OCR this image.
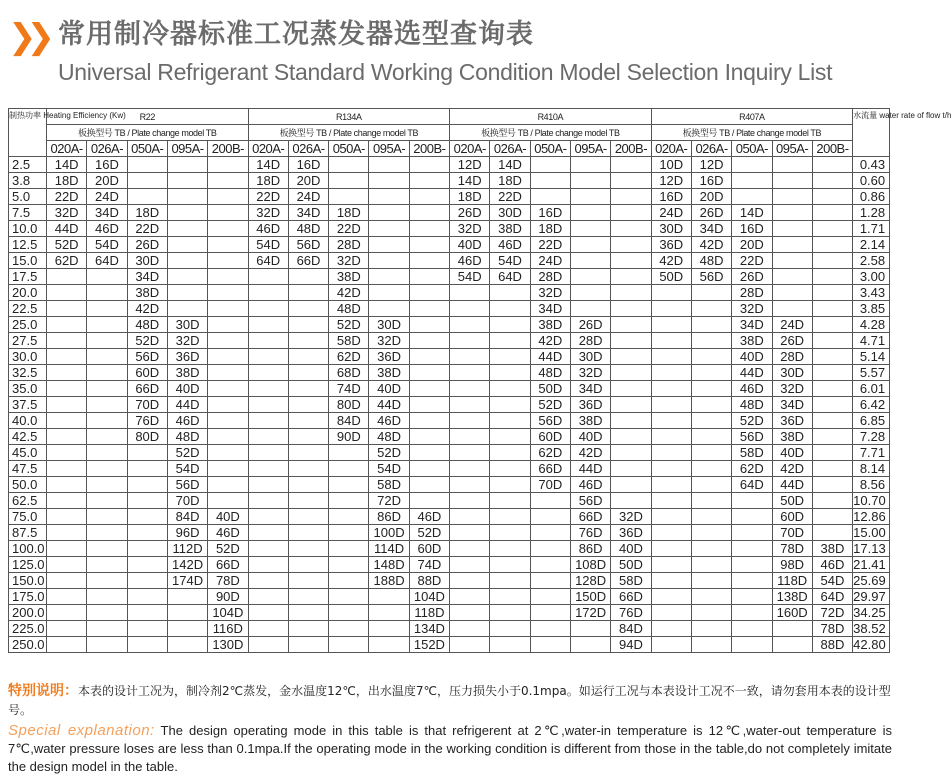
❯❯ 常用制冷器标准工况蒸发器选型查询表
Universal Refrigerant Standard Working Condition Model Selection Inquiry List
制热功率 Heating Efficiency (Kw)	R22					R134A					R410A					R407A					水流量 water rate of flow t/h
	板换型号 TB / Plate change model TB					板换型号 TB / Plate change model TB					板换型号 TB / Plate change model TB					板换型号 TB / Plate change model TB					
	020A-	026A-	050A-	095A-	200B-	020A-	026A-	050A-	095A-	200B-	020A-	026A-	050A-	095A-	200B-	020A-	026A-	050A-	095A-	200B-	
2.5	14D	16D				14D	16D				12D	14D				10D	12D				0.43
3.8	18D	20D				18D	20D				14D	18D				12D	16D				0.60
5.0	22D	24D				22D	24D				18D	22D				16D	20D				0.86
7.5	32D	34D	18D			32D	34D	18D			26D	30D	16D			24D	26D	14D			1.28
10.0	44D	46D	22D			46D	48D	22D			32D	38D	18D			30D	34D	16D			1.71
12.5	52D	54D	26D			54D	56D	28D			40D	46D	22D			36D	42D	20D			2.14
15.0	62D	64D	30D			64D	66D	32D			46D	54D	24D			42D	48D	22D			2.58
17.5			34D					38D			54D	64D	28D			50D	56D	26D			3.00
20.0			38D					42D					32D					28D			3.43
22.5			42D					48D					34D					32D			3.85
25.0			48D	30D				52D	30D				38D	26D				34D	24D		4.28
27.5			52D	32D				58D	32D				42D	28D				38D	26D		4.71
30.0			56D	36D				62D	36D				44D	30D				40D	28D		5.14
32.5			60D	38D				68D	38D				48D	32D				44D	30D		5.57
35.0			66D	40D				74D	40D				50D	34D				46D	32D		6.01
37.5			70D	44D				80D	44D				52D	36D				48D	34D		6.42
40.0			76D	46D				84D	46D				56D	38D				52D	36D		6.85
42.5			80D	48D				90D	48D				60D	40D				56D	38D		7.28
45.0				52D					52D				62D	42D				58D	40D		7.71
47.5				54D					54D				66D	44D				62D	42D		8.14
50.0				56D					58D				70D	46D				64D	44D		8.56
62.5				70D					72D					56D					50D		10.70
75.0				84D	40D				86D	46D				66D	32D				60D		12.86
87.5				96D	46D				100D	52D				76D	36D				70D		15.00
100.0				112D	52D				114D	60D				86D	40D				78D	38D	17.13
125.0				142D	66D				148D	74D				108D	50D				98D	46D	21.41
150.0				174D	78D				188D	88D				128D	58D				118D	54D	25.69
175.0					90D					104D				150D	66D				138D	64D	29.97
200.0					104D					118D				172D	76D				160D	72D	34.25
225.0					116D					134D					84D					78D	38.52
250.0					130D					152D					94D					88D	42.80
特别说明：本表的设计工况为，制冷剂2℃蒸发，金水温度12℃，出水温度7℃，压力损失小于0.1mpa。如运行工况与本表设计工况不一致，请勿套用本表的设计型号。
Special explanation: The design operating mode in this table is that refrigerent at 2℃,water-in temperature is 12℃,water-out temperature is 7℃,water pressure loses are less than 0.1mpa.If the operating mode in the working condition is different from those in the table,do not completely imitate the design model in the table.
